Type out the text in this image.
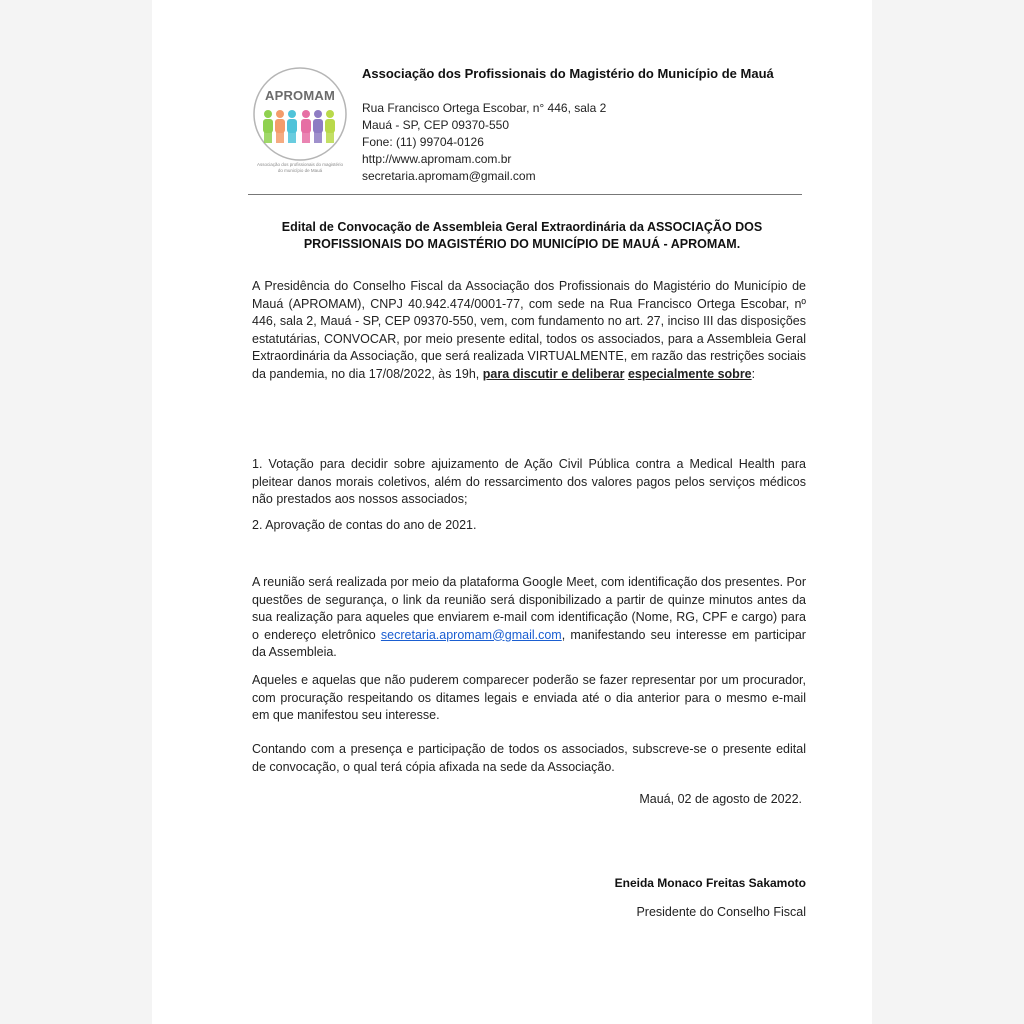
APROMAM
Associação dos profissionais do magistério do município de Mauá
Associação dos Profissionais do Magistério do Município de Mauá
Rua Francisco Ortega Escobar, n° 446, sala 2
Mauá - SP, CEP 09370-550
Fone: (11) 99704-0126
http://www.apromam.com.br
secretaria.apromam@gmail.com
Edital de Convocação de Assembleia Geral Extraordinária da ASSOCIAÇÃO DOS
PROFISSIONAIS DO MAGISTÉRIO DO MUNICÍPIO DE MAUÁ - APROMAM.
A Presidência do Conselho Fiscal da Associação dos Profissionais do Magistério do Município de Mauá (APROMAM), CNPJ 40.942.474/0001-77, com sede na Rua Francisco Ortega Escobar, nº 446, sala 2, Mauá - SP, CEP 09370-550, vem, com fundamento no art. 27, inciso III das disposições estatutárias, CONVOCAR, por meio presente edital, todos os associados, para a Assembleia Geral Extraordinária da Associação, que será realizada VIRTUALMENTE, em razão das restrições sociais da pandemia, no dia 17/08/2022, às 19h, para discutir e deliberar especialmente sobre:
1. Votação para decidir sobre ajuizamento de Ação Civil Pública contra a Medical Health para pleitear danos morais coletivos, além do ressarcimento dos valores pagos pelos serviços médicos não prestados aos nossos associados;
2. Aprovação de contas do ano de 2021.
A reunião será realizada por meio da plataforma Google Meet, com identificação dos presentes. Por questões de segurança, o link da reunião será disponibilizado a partir de quinze minutos antes da sua realização para aqueles que enviarem e-mail com identificação (Nome, RG, CPF e cargo) para o endereço eletrônico secretaria.apromam@gmail.com, manifestando seu interesse em participar da Assembleia.
Aqueles e aquelas que não puderem comparecer poderão se fazer representar por um procurador, com procuração respeitando os ditames legais e enviada até o dia anterior para o mesmo e-mail em que manifestou seu interesse.
Contando com a presença e participação de todos os associados, subscreve-se o presente edital de convocação, o qual terá cópia afixada na sede da Associação.
Mauá, 02 de agosto de 2022.
Eneida Monaco Freitas Sakamoto
Presidente do Conselho Fiscal
